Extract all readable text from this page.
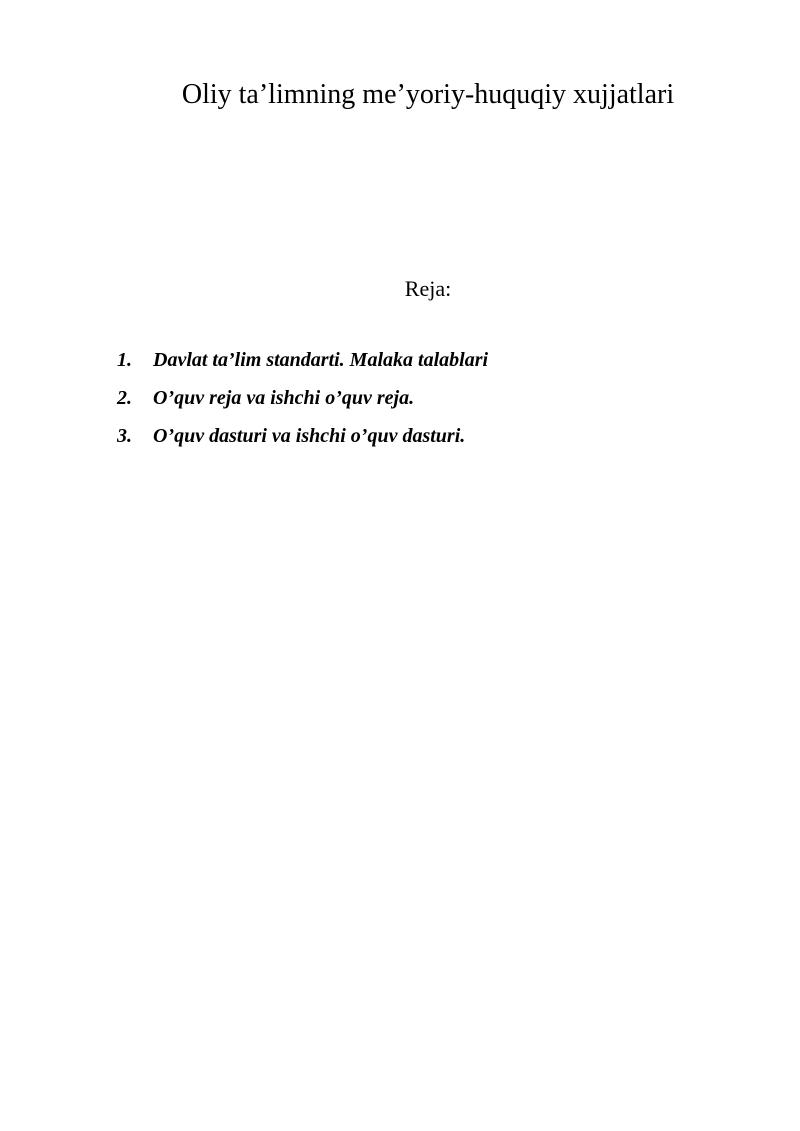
Oliy ta’limning me’yoriy-huquqiy xujjatlari

Reja:

1.	Davlat ta’lim standarti. Malaka talablari
2.	O’quv reja va ishchi o’quv reja.
3.	O’quv dasturi va ishchi o’quv dasturi.
